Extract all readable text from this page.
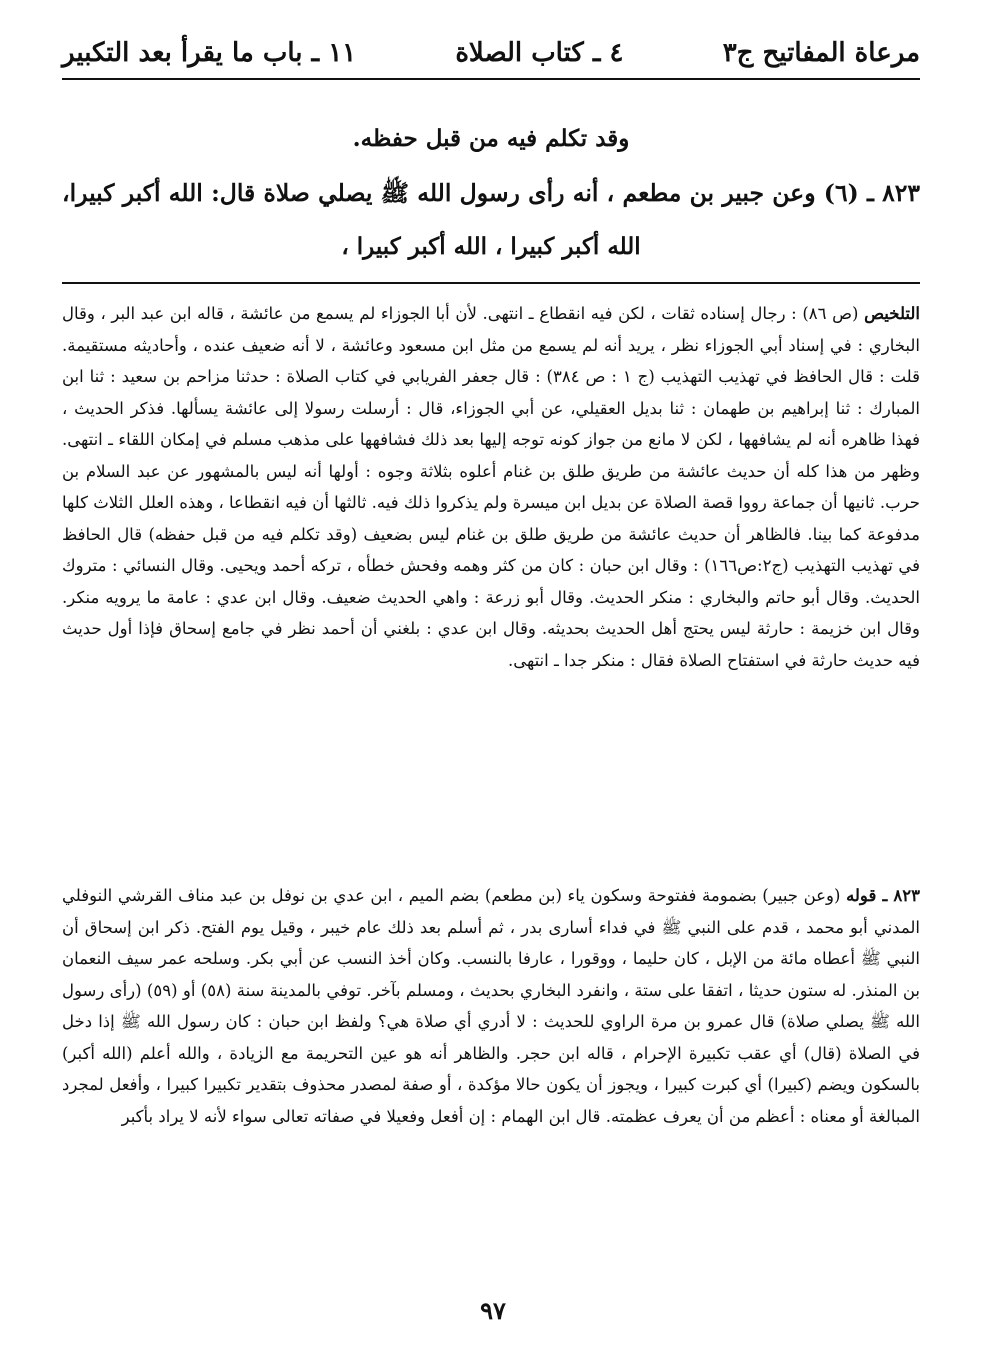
مرعاة المفاتيح ج٣
٤ ـ كتاب الصلاة
١١ ـ باب ما يقرأ بعد التكبير
وقد تكلم فيه من قبل حفظه.
٨٢٣ ـ (٦) وعن جبير بن مطعم ، أنه رأى رسول الله ﷺ يصلي صلاة قال: الله أكبر كبيرا،
الله أكبر كبيرا ، الله أكبر كبيرا ،

التلخيص (ص ٨٦) : رجال إسناده ثقات ، لكن فيه انقطاع ـ انتهى. لأن أبا الجوزاء لم يسمع من عائشة ، قاله ابن عبد البر ، وقال البخاري : في إسناد أبي الجوزاء نظر ، يريد أنه لم يسمع من مثل ابن مسعود وعائشة ، لا أنه ضعيف عنده ، وأحاديثه مستقيمة. قلت : قال الحافظ في تهذيب التهذيب (ج ١ : ص ٣٨٤) : قال جعفر الفريابي في كتاب الصلاة : حدثنا مزاحم بن سعيد : ثنا ابن المبارك : ثنا إبراهيم بن طهمان : ثنا بديل العقيلي، عن أبي الجوزاء، قال : أرسلت رسولا إلى عائشة يسألها. فذكر الحديث ، فهذا ظاهره أنه لم يشافهها ، لكن لا مانع من جواز كونه توجه إليها بعد ذلك فشافهها على مذهب مسلم في إمكان اللقاء ـ انتهى. وظهر من هذا كله أن حديث عائشة من طريق طلق بن غنام أعلوه بثلاثة وجوه : أولها أنه ليس بالمشهور عن عبد السلام بن حرب. ثانيها أن جماعة رووا قصة الصلاة عن بديل ابن ميسرة ولم يذكروا ذلك فيه. ثالثها أن فيه انقطاعا ، وهذه العلل الثلاث كلها مدفوعة كما بينا. فالظاهر أن حديث عائشة من طريق طلق بن غنام ليس بضعيف (وقد تكلم فيه من قبل حفظه) قال الحافظ في تهذيب التهذيب (ج٢:ص١٦٦) : وقال ابن حبان : كان من كثر وهمه وفحش خطأه ، تركه أحمد ويحيى. وقال النسائي : متروك الحديث. وقال أبو حاتم والبخاري : منكر الحديث. وقال أبو زرعة : واهي الحديث ضعيف. وقال ابن عدي : عامة ما يرويه منكر. وقال ابن خزيمة : حارثة ليس يحتج أهل الحديث بحديثه. وقال ابن عدي : بلغني أن أحمد نظر في جامع إسحاق فإذا أول حديث فيه حديث حارثة في استفتاح الصلاة فقال : منكر جدا ـ انتهى.

٨٢٣ ـ قوله (وعن جبير) بضمومة ففتوحة وسكون ياء (بن مطعم) بضم الميم ، ابن عدي بن نوفل بن عبد مناف القرشي النوفلي المدني أبو محمد ، قدم على النبي ﷺ في فداء أسارى بدر ، ثم أسلم بعد ذلك عام خيبر ، وقيل يوم الفتح. ذكر ابن إسحاق أن النبي ﷺ أعطاه مائة من الإبل ، كان حليما ، ووقورا ، عارفا بالنسب. وكان أخذ النسب عن أبي بكر. وسلحه عمر سيف النعمان بن المنذر. له ستون حديثا ، اتفقا على ستة ، وانفرد البخاري بحديث ، ومسلم بآخر. توفي بالمدينة سنة (٥٨) أو (٥٩) (رأى رسول الله ﷺ يصلي صلاة) قال عمرو بن مرة الراوي للحديث : لا أدري أي صلاة هي؟ ولفظ ابن حبان : كان رسول الله ﷺ إذا دخل في الصلاة (قال) أي عقب تكبيرة الإحرام ، قاله ابن حجر. والظاهر أنه هو عين التحريمة مع الزيادة ، والله أعلم (الله أكبر) بالسكون ويضم (كبيرا) أي كبرت كبيرا ، ويجوز أن يكون حالا مؤكدة ، أو صفة لمصدر محذوف بتقدير تكبيرا كبيرا ، وأفعل لمجرد المبالغة أو معناه : أعظم من أن يعرف عظمته. قال ابن الهمام : إن أفعل وفعيلا في صفاته تعالى سواء لأنه لا يراد بأكبر

٩٧
